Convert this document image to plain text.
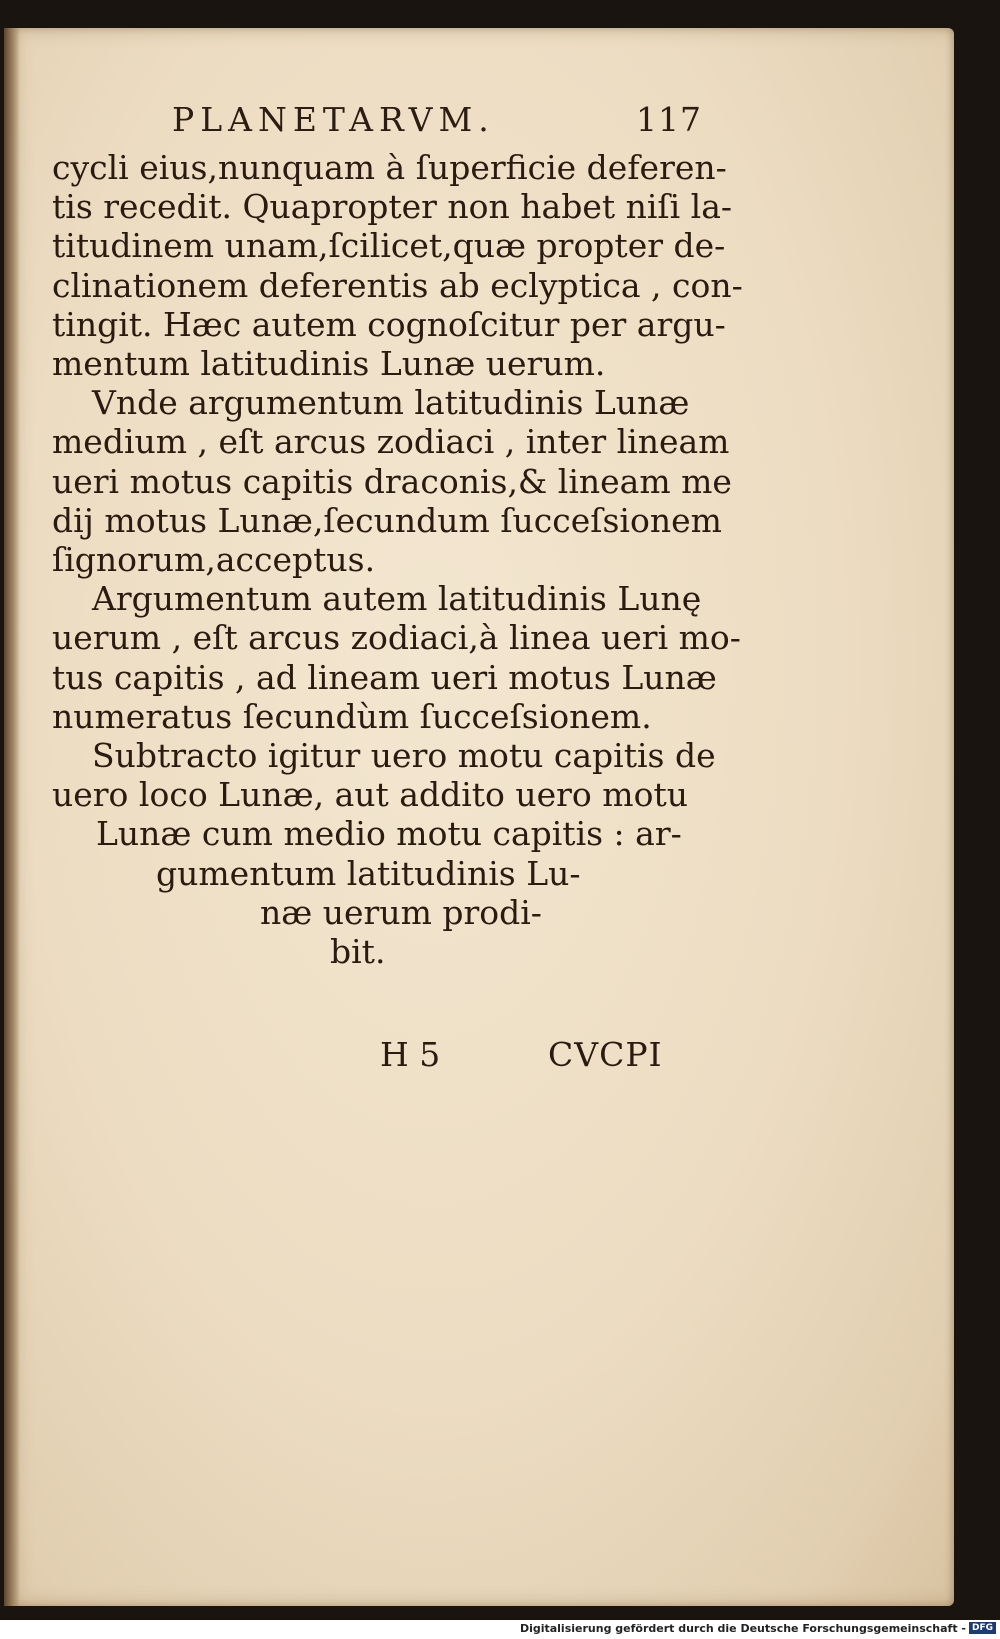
PLANETARVM.	117
cycli eius,nunquam à ſuperficie deferen-
tis recedit. Quapropter non habet niſi la-
titudinem unam,ſcilicet,quæ propter de-
clinationem deferentis ab eclyptica , con-
tingit. Hæc autem cognoſcitur per argu-
mentum latitudinis Lunæ uerum.
Vnde argumentum latitudinis Lunæ
medium , eſt arcus zodiaci , inter lineam
ueri motus capitis draconis,& lineam me
dij motus Lunæ,ſecundum ſucceſsionem
ſignorum,acceptus.
Argumentum autem latitudinis Lunę
uerum , eſt arcus zodiaci,à linea ueri mo-
tus capitis , ad lineam ueri motus Lunæ
numeratus ſecundùm ſucceſsionem.
Subtracto igitur uero motu capitis de
uero loco Lunæ, aut addito uero motu
Lunæ cum medio motu capitis : ar-
gumentum latitudinis Lu-
næ uerum prodi-
bit.
H 5	CVCPI
Digitalisierung gefördert durch die Deutsche Forschungsgemeinschaft - DFG
